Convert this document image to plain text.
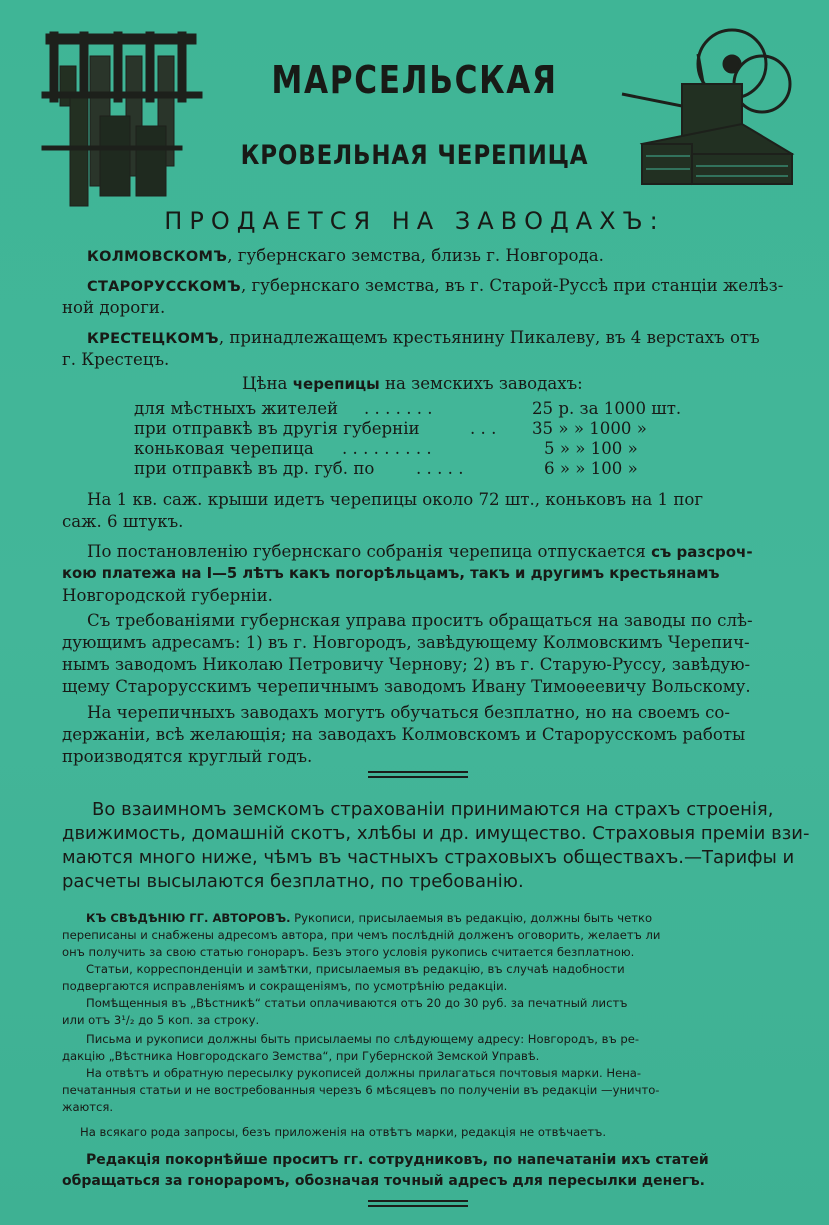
МАРСЕЛЬСКАЯ
КРОВЕЛЬНАЯ ЧЕРЕПИЦА
ПРОДАЕТСЯ НА ЗАВОДАХЪ:
КОЛМОВСКОМЪ, губернскаго земства, близь г. Новгорода.
СТАРОРУССКОМЪ, губернскаго земства, въ г. Старой-Руссѣ при станціи желѣз-
ной дороги.
КРЕСТЕЦКОМЪ, принадлежащемъ крестьянину Пикалеву, въ 4 верстахъ отъ
г. Крестецъ.
Цѣна черепицы на земскихъ заводахъ:
для мѣстныхъ жителей . . . . . . .	25 р. за 1000 шт.
при отправкѣ въ другія губерніи	. . . 35 » » 1000 »
коньковая черепица . . . . . . . . .	5 » » 100 »
при отправкѣ въ др. губ. по	. . . . .	6 » » 100 »
На 1 кв. саж. крыши идетъ черепицы около 72 шт., коньковъ на 1 пог
саж. 6 штукъ.
По постановленію губернскаго собранія черепица отпускается съ разсроч-
кою платежа на I—5 лѣтъ какъ погорѣльцамъ, такъ и другимъ крестьянамъ
Новгородской губерніи.
Съ требованіями губернская управа проситъ обращаться на заводы по слѣ-
дующимъ адресамъ: 1) въ г. Новгородъ, завѣдующему Колмовскимъ Черепич-
нымъ заводомъ Николаю Петровичу Чернову; 2) въ г. Старую-Руссу, завѣдую-
щему Старорусскимъ черепичнымъ заводомъ Ивану Тимоѳеевичу Вольскому.
На черепичныхъ заводахъ могутъ обучаться безплатно, но на своемъ со-
держаніи, всѣ желающія; на заводахъ Колмовскомъ и Старорусскомъ работы
производятся круглый годъ.
Во взаимномъ земскомъ страхованіи принимаются на страхъ строенія,
движимость, домашній скотъ, хлѣбы и др. имущество. Страховыя преміи взи-
маются много ниже, чѣмъ въ частныхъ страховыхъ обществахъ.—Тарифы и
расчеты высылаются безплатно, по требованію.
КЪ СВѢДѢНІЮ ГГ. АВТОРОВЪ. Рукописи, присылаемыя въ редакцію, должны быть четко
переписаны и снабжены адресомъ автора, при чемъ послѣдній долженъ оговорить, желаетъ ли
онъ получить за свою статью гонораръ. Безъ этого условія рукопись считается безплатною.
Статьи, корреспонденціи и замѣтки, присылаемыя въ редакцію, въ случаѣ надобности
подвергаются исправленіямъ и сокращеніямъ, по усмотрѣнію редакціи.
Помѣщенныя въ „Вѣстникѣ“ статьи оплачиваются отъ 20 до 30 руб. за печатный листъ
или отъ 3¹/₂ до 5 коп. за строку.
Письма и рукописи должны быть присылаемы по слѣдующему адресу: Новгородъ, въ ре-
дакцію „Вѣстника Новгородскаго Земства“, при Губернской Земской Управѣ.
На отвѣтъ и обратную пересылку рукописей должны прилагаться почтовыя марки. Нена-
печатанныя статьи и не востребованныя черезъ 6 мѣсяцевъ по полученіи въ редакціи —уничто-
жаются.
На всякаго рода запросы, безъ приложенія на отвѣтъ марки, редакція не отвѣчаетъ.
Редакція покорнѣйше проситъ гг. сотрудниковъ, по напечатаніи ихъ статей
обращаться за гонораромъ, обозначая точный адресъ для пересылки денегъ.
